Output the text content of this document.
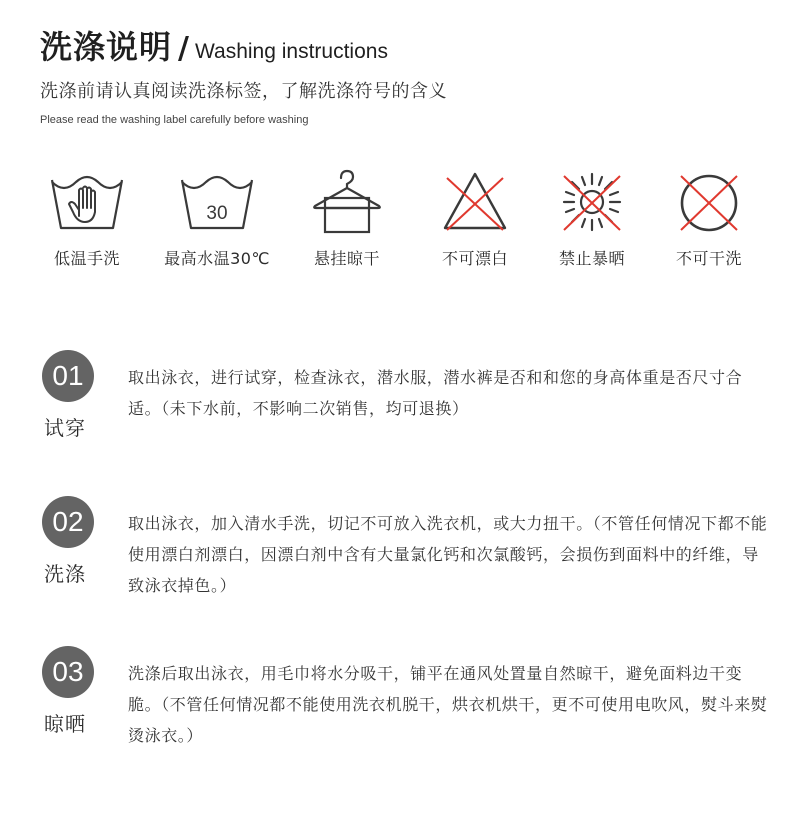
洗涤说明 / Washing instructions
洗涤前请认真阅读洗涤标签，了解洗涤符号的含义
Please read the washing label carefully before washing
低温手洗
30
最高水温30℃	悬挂晾干	不可漂白	禁止暴晒	不可干洗
01
试穿
取出泳衣，进行试穿，检查泳衣，潜水服，潜水裤是否和和您的身高体重是否尺寸合适。（未下水前，不影响二次销售，均可退换）
02
洗涤
取出泳衣，加入清水手洗，切记不可放入洗衣机，或大力扭干。（不管任何情况下都不能使用漂白剂漂白，因漂白剂中含有大量氯化钙和次氯酸钙，会损伤到面料中的纤维，导致泳衣掉色。）
03
晾晒
洗涤后取出泳衣，用毛巾将水分吸干，铺平在通风处置量自然晾干，避免面料边干变脆。（不管任何情况都不能使用洗衣机脱干，烘衣机烘干，更不可使用电吹风，熨斗来熨烫泳衣。）
